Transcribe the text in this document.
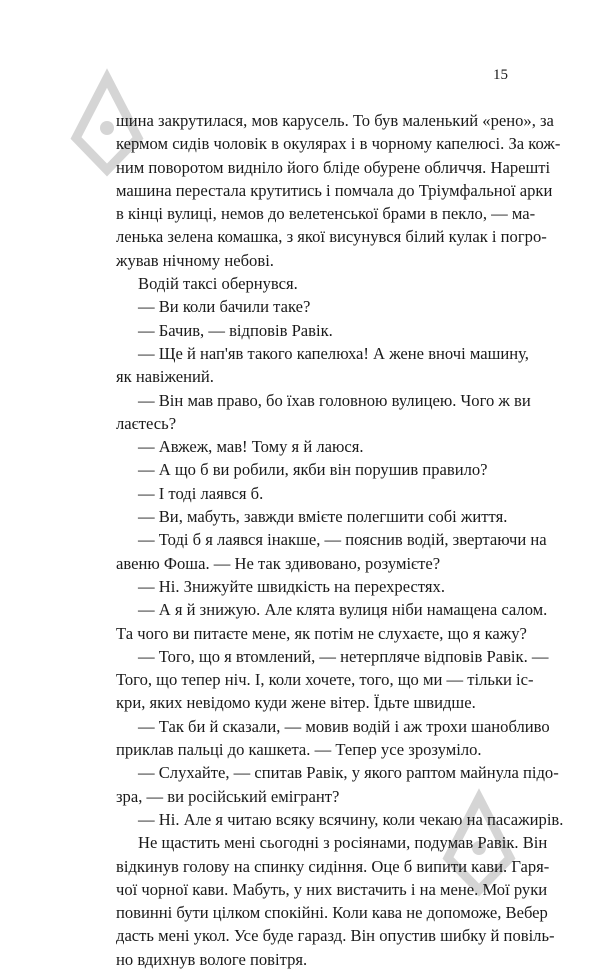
15
шина закрутилася, мов карусель. То був маленький «рено», за
кермом сидів чоловік в окулярах і в чорному капелюсі. За кож-
ним поворотом видніло його бліде обурене обличчя. Нарешті
машина перестала крутитись і помчала до Тріумфальної арки
в кінці вулиці, немов до велетенської брами в пекло, — ма-
ленька зелена комашка, з якої висунувся білий кулак і погро-
жував нічному небові.
Водій таксі обернувся.
— Ви коли бачили таке?
— Бачив, — відповів Равік.
— Ще й нап'яв такого капелюха! А жене вночі машину,
як навіжений.
— Він мав право, бо їхав головною вулицею. Чого ж ви
лаєтесь?
— Авжеж, мав! Тому я й лаюся.
— А що б ви робили, якби він порушив правило?
— І тоді лаявся б.
— Ви, мабуть, завжди вмієте полегшити собі життя.
— Тоді б я лаявся інакше, — пояснив водій, звертаючи на
авеню Фоша. — Не так здивовано, розумієте?
— Ні. Знижуйте швидкість на перехрестях.
— А я й знижую. Але клята вулиця ніби намащена салом.
Та чого ви питаєте мене, як потім не слухаєте, що я кажу?
— Того, що я втомлений, — нетерпляче відповів Равік. —
Того, що тепер ніч. І, коли хочете, того, що ми — тільки іс-
кри, яких невідомо куди жене вітер. Їдьте швидше.
— Так би й сказали, — мовив водій і аж трохи шанобливо
приклав пальці до кашкета. — Тепер усе зрозуміло.
— Слухайте, — спитав Равік, у якого раптом майнула підо-
зра, — ви російський емігрант?
— Ні. Але я читаю всяку всячину, коли чекаю на пасажирів.
Не щастить мені сьогодні з росіянами, подумав Равік. Він
відкинув голову на спинку сидіння. Оце б випити кави. Гаря-
чої чорної кави. Мабуть, у них вистачить і на мене. Мої руки
повинні бути цілком спокійні. Коли кава не допоможе, Вебер
дасть мені укол. Усе буде гаразд. Він опустив шибку й повіль-
но вдихнув вологе повітря.
